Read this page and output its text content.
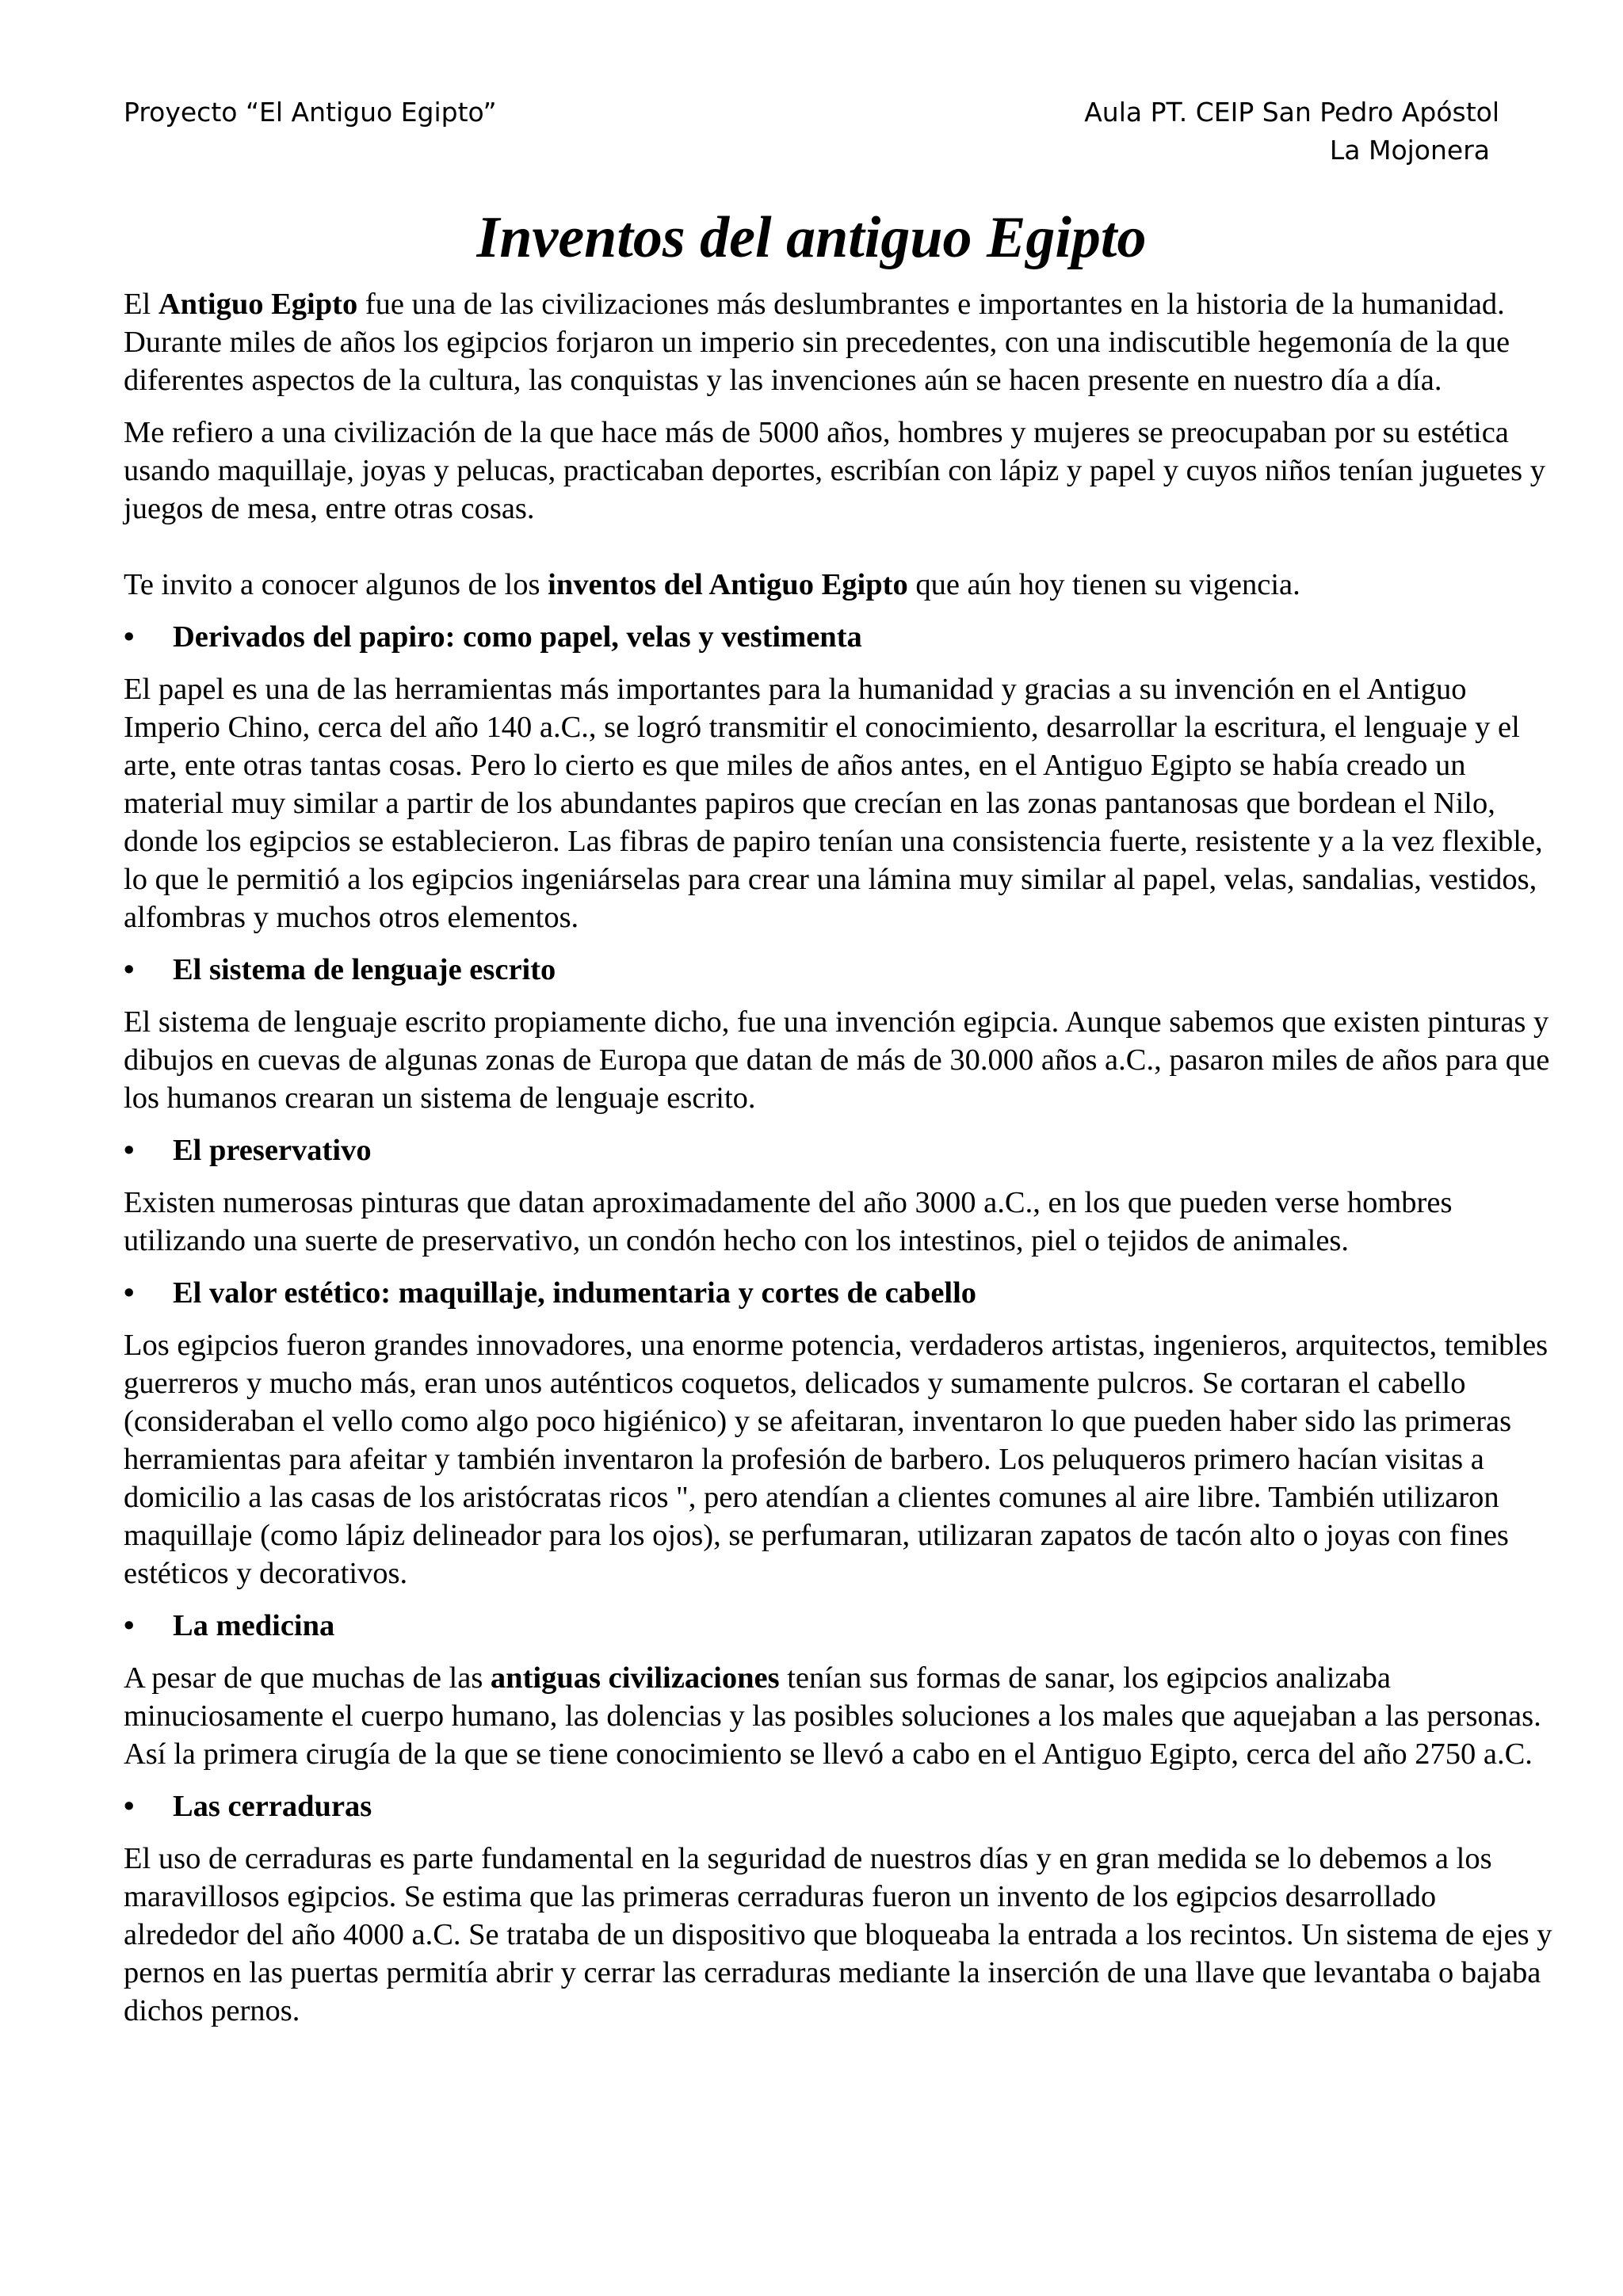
Proyecto “El Antiguo Egipto”	Aula PT. CEIP San Pedro Apóstol
La Mojonera
Inventos del antiguo Egipto

El Antiguo Egipto fue una de las civilizaciones más deslumbrantes e importantes en la historia de la humanidad. Durante miles de años los egipcios forjaron un imperio sin precedentes, con una indiscutible hegemonía de la que diferentes aspectos de la cultura, las conquistas y las invenciones aún se hacen presente en nuestro día a día.

Me refiero a una civilización de la que hace más de 5000 años, hombres y mujeres se preocupaban por su estética usando maquillaje, joyas y pelucas, practicaban deportes, escribían con lápiz y papel y cuyos niños tenían juguetes y juegos de mesa, entre otras cosas.

Te invito a conocer algunos de los inventos del Antiguo Egipto que aún hoy tienen su vigencia.

•	Derivados del papiro: como papel, velas y vestimenta

El papel es una de las herramientas más importantes para la humanidad y gracias a su invención en el Antiguo Imperio Chino, cerca del año 140 a.C., se logró transmitir el conocimiento, desarrollar la escritura, el lenguaje y el arte, ente otras tantas cosas. Pero lo cierto es que miles de años antes, en el Antiguo Egipto se había creado un material muy similar a partir de los abundantes papiros que crecían en las zonas pantanosas que bordean el Nilo, donde los egipcios se establecieron. Las fibras de papiro tenían una consistencia fuerte, resistente y a la vez flexible, lo que le permitió a los egipcios ingeniárselas para crear una lámina muy similar al papel, velas, sandalias, vestidos, alfombras y muchos otros elementos.

•	El sistema de lenguaje escrito

El sistema de lenguaje escrito propiamente dicho, fue una invención egipcia. Aunque sabemos que existen pinturas y dibujos en cuevas de algunas zonas de Europa que datan de más de 30.000 años a.C., pasaron miles de años para que los humanos crearan un sistema de lenguaje escrito.

•	El preservativo

Existen numerosas pinturas que datan aproximadamente del año 3000 a.C., en los que pueden verse hombres utilizando una suerte de preservativo, un condón hecho con los intestinos, piel o tejidos de animales.

•	El valor estético: maquillaje, indumentaria y cortes de cabello

Los egipcios fueron grandes innovadores, una enorme potencia, verdaderos artistas, ingenieros, arquitectos, temibles guerreros y mucho más, eran unos auténticos coquetos, delicados y sumamente pulcros. Se cortaran el cabello (consideraban el vello como algo poco higiénico) y se afeitaran, inventaron lo que pueden haber sido las primeras herramientas para afeitar y también inventaron la profesión de barbero. Los peluqueros primero hacían visitas a domicilio a las casas de los aristócratas ricos ", pero atendían a clientes comunes al aire libre. También utilizaron maquillaje (como lápiz delineador para los ojos), se perfumaran, utilizaran zapatos de tacón alto o joyas con fines estéticos y decorativos.

•	La medicina

A pesar de que muchas de las antiguas civilizaciones tenían sus formas de sanar, los egipcios analizaba minuciosamente el cuerpo humano, las dolencias y las posibles soluciones a los males que aquejaban a las personas. Así la primera cirugía de la que se tiene conocimiento se llevó a cabo en el Antiguo Egipto, cerca del año 2750 a.C.

•	Las cerraduras

El uso de cerraduras es parte fundamental en la seguridad de nuestros días y en gran medida se lo debemos a los maravillosos egipcios. Se estima que las primeras cerraduras fueron un invento de los egipcios desarrollado alrededor del año 4000 a.C. Se trataba de un dispositivo que bloqueaba la entrada a los recintos. Un sistema de ejes y pernos en las puertas permitía abrir y cerrar las cerraduras mediante la inserción de una llave que levantaba o bajaba dichos pernos.
